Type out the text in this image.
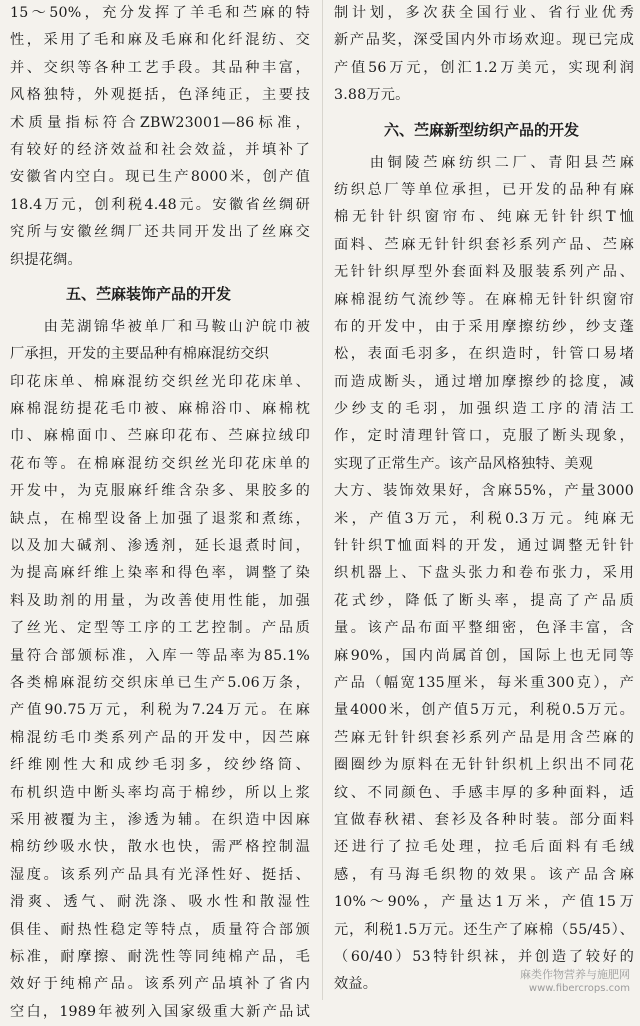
15～50%，充分发挥了羊毛和苎麻的特
性，采用了毛和麻及毛麻和化纤混纺、交
并、交织等各种工艺手段。其品种丰富，
风格独特，外观挺括，色泽纯正，主要技
术质量指标符合ZBW23001—86标准，
有较好的经济效益和社会效益，并填补了
安徽省内空白。现已生产8000米，创产值
18.4万元，创利税4.48元。安徽省丝绸研
究所与安徽丝绸厂还共同开发出了丝麻交
织提花绸。
五、苎麻装饰产品的开发
　　由芜湖锦华被单厂和马鞍山沪皖巾被
厂承担，开发的主要品种有棉麻混纺交织
印花床单、棉麻混纺交织丝光印花床单、
麻棉混纺提花毛巾被、麻棉浴巾、麻棉枕
巾、麻棉面巾、苎麻印花布、苎麻拉绒印
花布等。在棉麻混纺交织丝光印花床单的
开发中，为克服麻纤维含杂多、果胶多的
缺点，在棉型设备上加强了退浆和煮练，
以及加大碱剂、渗透剂，延长退煮时间，
为提高麻纤维上染率和得色率，调整了染
料及助剂的用量，为改善使用性能，加强
了丝光、定型等工序的工艺控制。产品质
量符合部颁标准，入库一等品率为85.1%
各类棉麻混纺交织床单已生产5.06万条，
产值90.75万元，利税为7.24万元。在麻
棉混纺毛巾类系列产品的开发中，因苎麻
纤维刚性大和成纱毛羽多，绞纱络筒、
布机织造中断头率均高于棉纱，所以上浆
采用被覆为主，渗透为辅。在织造中因麻
棉纺纱吸水快，散水也快，需严格控制温
湿度。该系列产品具有光泽性好、挺括、
滑爽、透气、耐洗涤、吸水性和散湿性
俱佳、耐热性稳定等特点，质量符合部颁
标准，耐摩擦、耐洗性等同纯棉产品，毛
效好于纯棉产品。该系列产品填补了省内
空白，1989年被列入国家级重大新产品试
制计划，多次获全国行业、省行业优秀
新产品奖，深受国内外市场欢迎。现已完成
产值56万元，创汇1.2万美元，实现利润
3.88万元。
六、苎麻新型纺织产品的开发
　　由铜陵苎麻纺织二厂、青阳县苎麻
纺织总厂等单位承担，已开发的品种有麻
棉无针针织窗帘布、纯麻无针针织T恤
面料、苎麻无针针织套衫系列产品、苎麻
无针针织厚型外套面料及服装系列产品、
麻棉混纺气流纱等。在麻棉无针针织窗帘
布的开发中，由于采用摩擦纺纱，纱支蓬
松，表面毛羽多，在织造时，针管口易堵
而造成断头，通过增加摩擦纱的捻度，减
少纱支的毛羽，加强织造工序的清洁工
作，定时清理针管口，克服了断头现象，
实现了正常生产。该产品风格独特、美观
大方、装饰效果好，含麻55%，产量3000
米，产值3万元，利税0.3万元。纯麻无
针针织T恤面料的开发，通过调整无针针
织机器上、下盘头张力和卷布张力，采用
花式纱，降低了断头率，提高了产品质
量。该产品布面平整细密，色泽丰富，含
麻90%，国内尚属首创，国际上也无同等
产品（幅宽135厘米，每米重300克），产
量4000米，创产值5万元，利税0.5万元。
苎麻无针针织套衫系列产品是用含苎麻的
圈圈纱为原料在无针针织机上织出不同花
纹、不同颜色、手感丰厚的多种面料，适
宜做春秋裙、套衫及各种时装。部分面料
还进行了拉毛处理，拉毛后面料有毛绒
感，有马海毛织物的效果。该产品含麻
10%～90%，产量达1万米，产值15万
元，利税1.5万元。还生产了麻棉（55/45）、
（60/40）53特针织袜，并创造了较好的
效益。
麻类作物营养与施肥网
www.fibercrops.com
